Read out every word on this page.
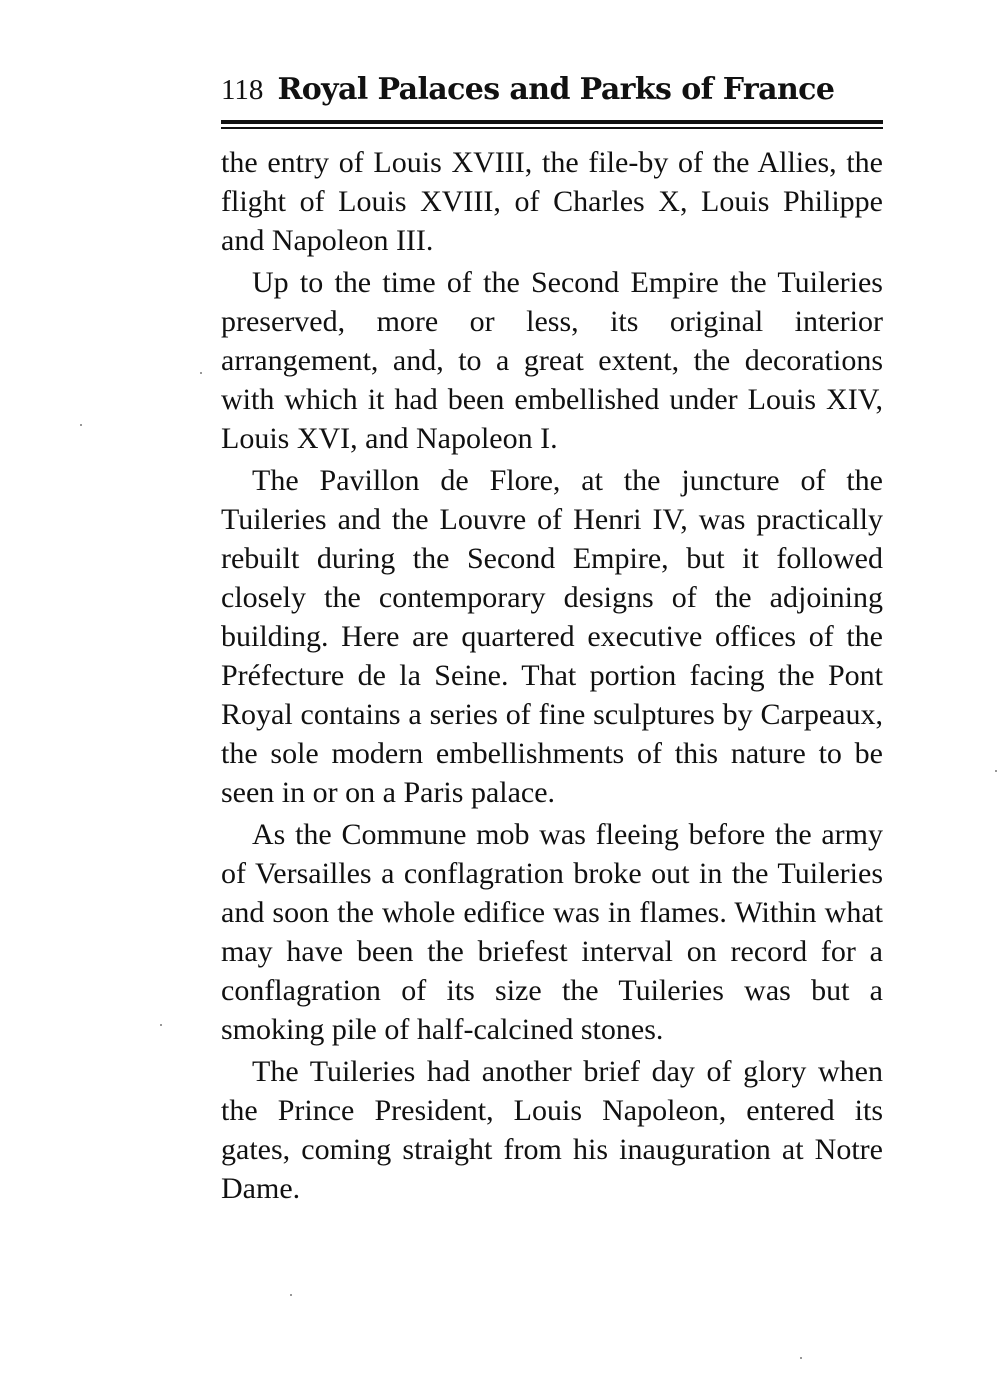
118 Royal Palaces and Parks of France

the entry of Louis XVIII, the file-by of the Allies, the flight of Louis XVIII, of Charles X, Louis Philippe and Napoleon III.

Up to the time of the Second Empire the Tuileries preserved, more or less, its original interior arrangement, and, to a great extent, the decorations with which it had been embellished under Louis XIV, Louis XVI, and Napoleon I.

The Pavillon de Flore, at the juncture of the Tuileries and the Louvre of Henri IV, was practically rebuilt during the Second Empire, but it followed closely the contemporary designs of the adjoining building. Here are quartered executive offices of the Préfecture de la Seine. That portion facing the Pont Royal contains a series of fine sculptures by Carpeaux, the sole modern embellishments of this nature to be seen in or on a Paris palace.

As the Commune mob was fleeing before the army of Versailles a conflagration broke out in the Tuileries and soon the whole edifice was in flames. Within what may have been the briefest interval on record for a conflagration of its size the Tuileries was but a smoking pile of half-calcined stones.

The Tuileries had another brief day of glory when the Prince President, Louis Napoleon, entered its gates, coming straight from his inauguration at Notre Dame.
